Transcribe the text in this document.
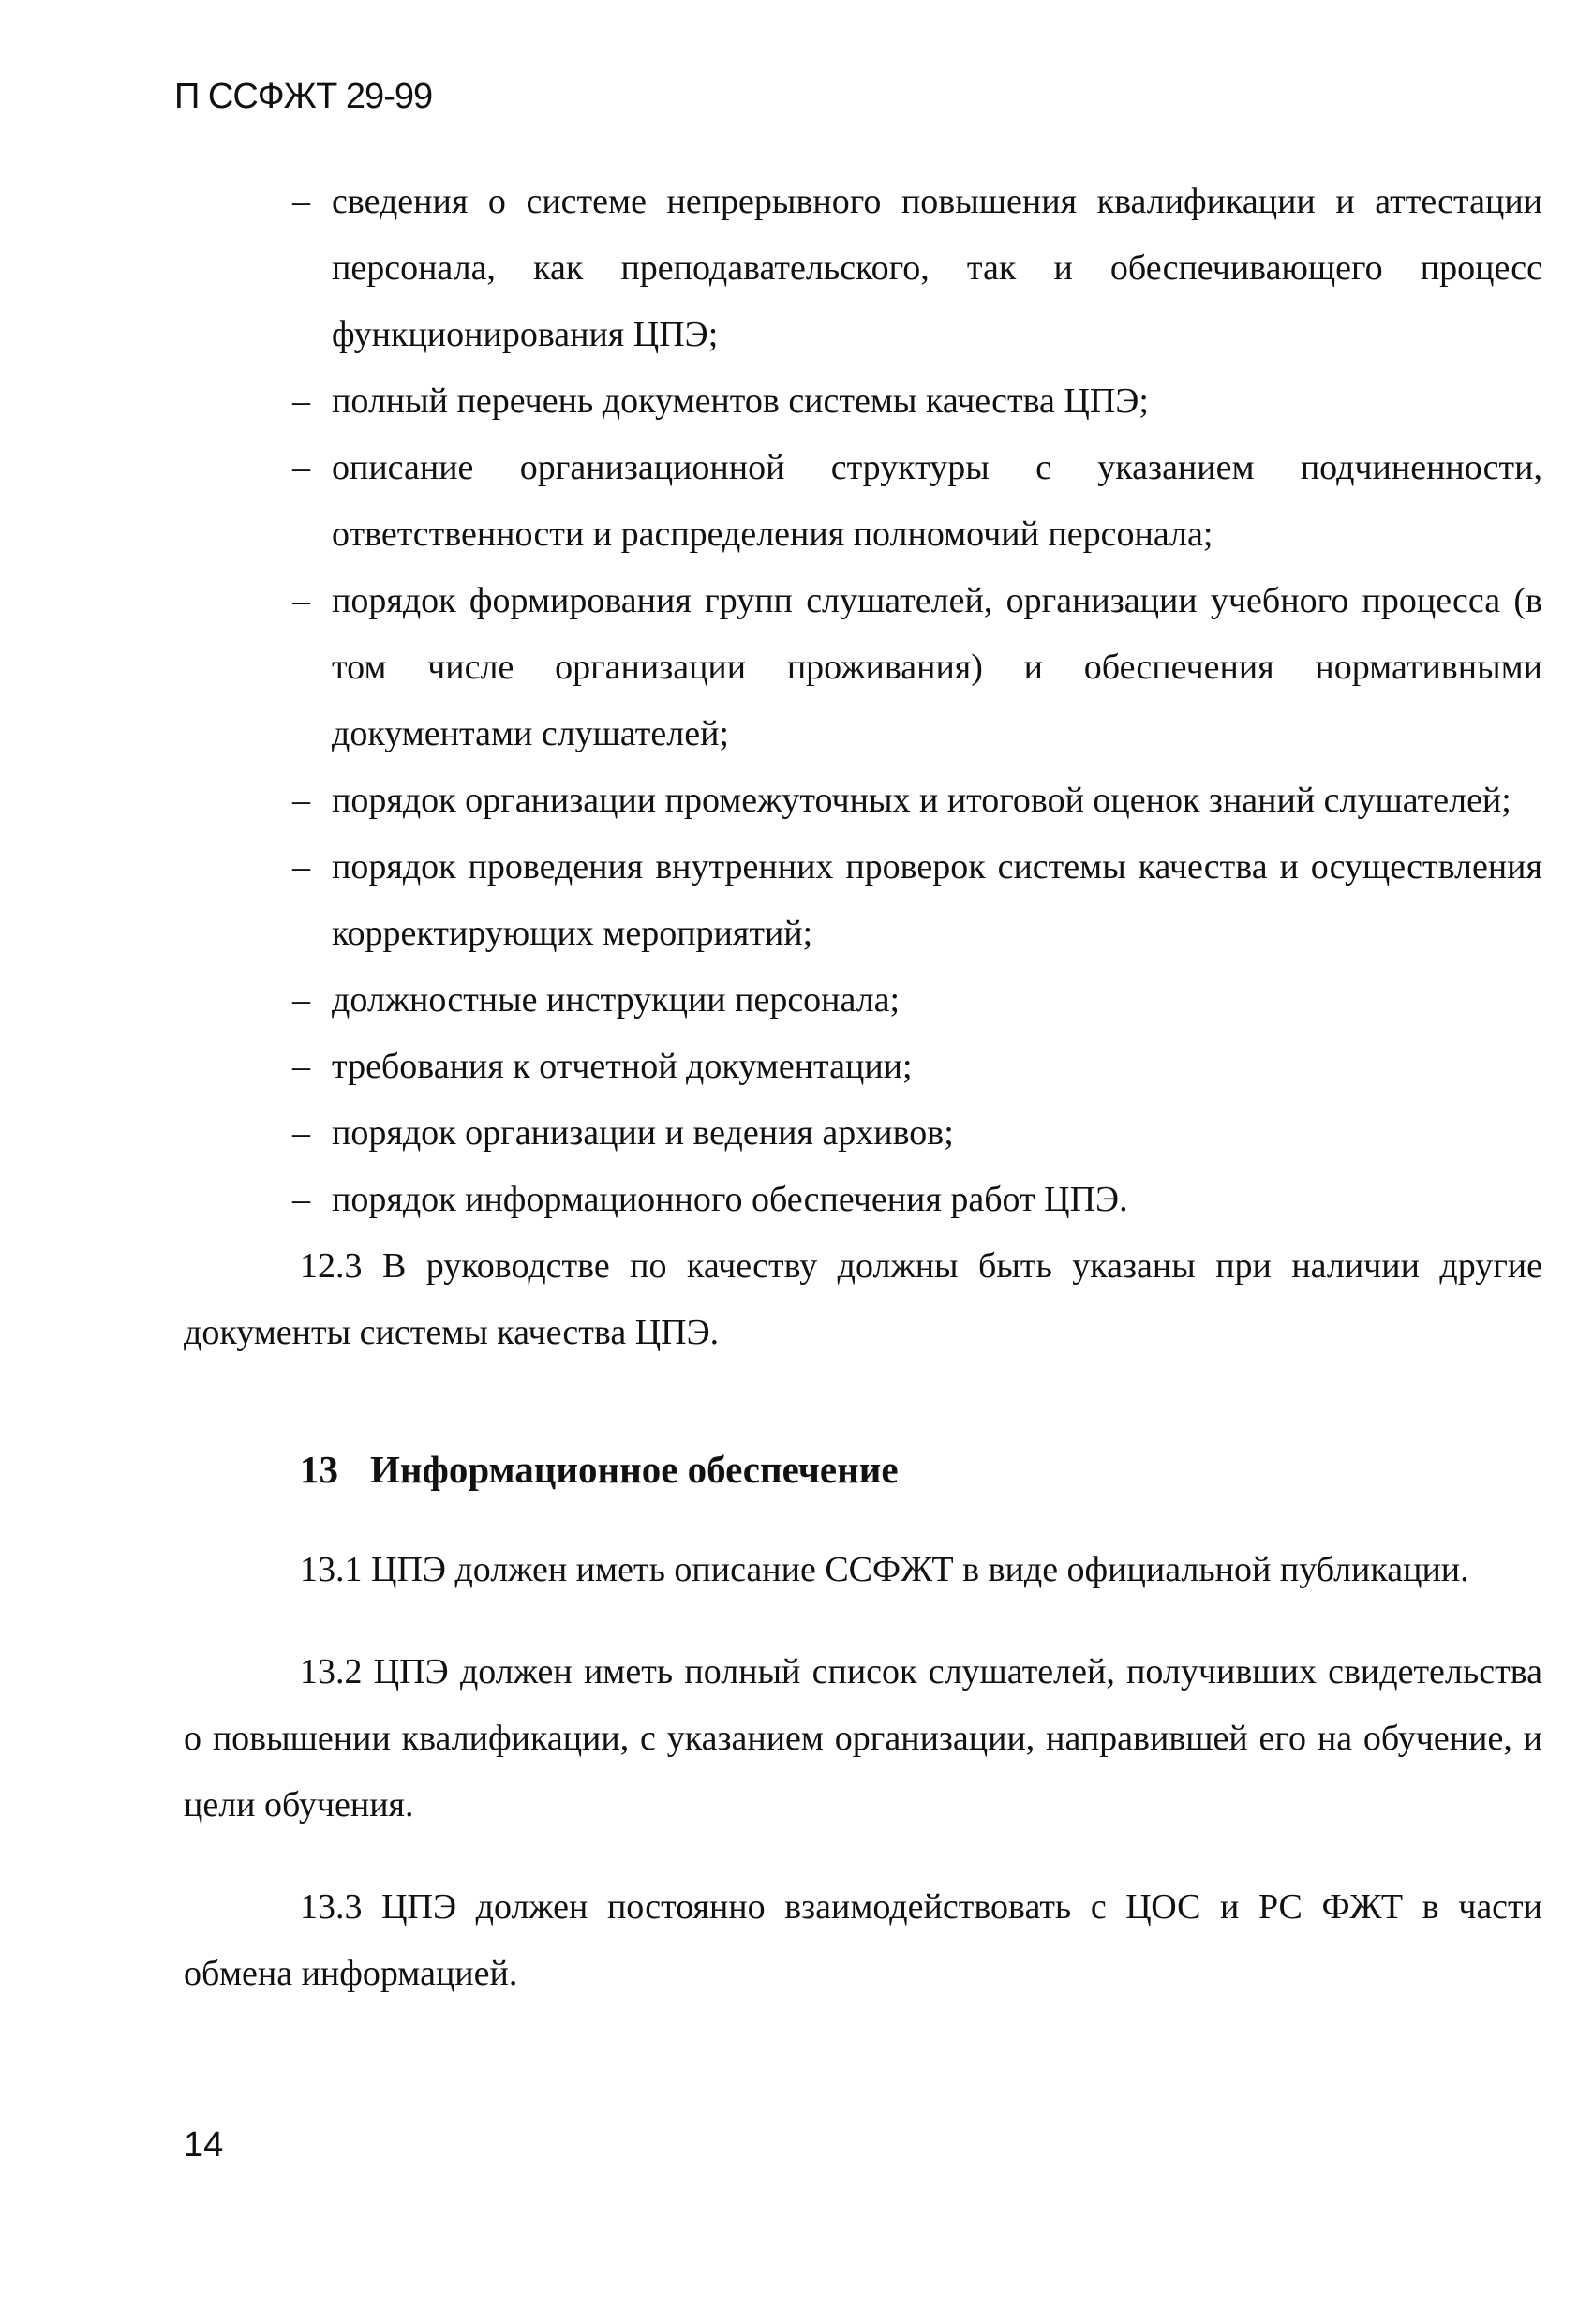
П ССФЖТ 29-99
– сведения о системе непрерывного повышения квалификации и аттестации персонала, как преподавательского, так и обеспечивающего процесс функционирования ЦПЭ;
– полный перечень документов системы качества ЦПЭ;
– описание организационной структуры с указанием подчиненности, ответственности и распределения полномочий персонала;
– порядок формирования групп слушателей, организации учебного процесса (в том числе организации проживания) и обеспечения нормативными документами слушателей;
– порядок организации промежуточных и итоговой оценок знаний слушателей;
– порядок проведения внутренних проверок системы качества и осуществления корректирующих мероприятий;
– должностные инструкции персонала;
– требования к отчетной документации;
– порядок организации и ведения архивов;
– порядок информационного обеспечения работ ЦПЭ.

12.3 В руководстве по качеству должны быть указаны при наличии другие документы системы качества ЦПЭ.

13 Информационное обеспечение

13.1 ЦПЭ должен иметь описание ССФЖТ в виде официальной публикации.

13.2 ЦПЭ должен иметь полный список слушателей, получивших свидетельства о повышении квалификации, с указанием организации, направившей его на обучение, и цели обучения.

13.3 ЦПЭ должен постоянно взаимодействовать с ЦОС и РС ФЖТ в части обмена информацией.

14
